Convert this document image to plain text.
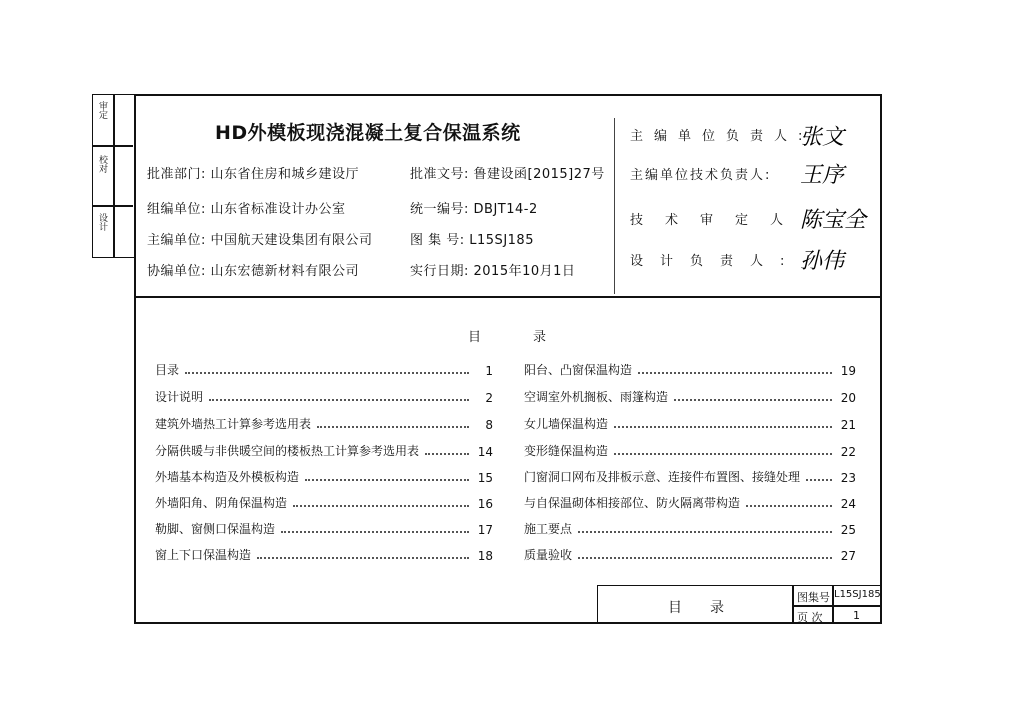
审定
校对
设计
HD外模板现浇混凝土复合保温系统
批准部门: 山东省住房和城乡建设厅
组编单位: 山东省标准设计办公室
主编单位: 中国航天建设集团有限公司
协编单位: 山东宏德新材料有限公司
批准文号: 鲁建设函[2015]27号
统一编号: DBJT14-2
图 集 号: L15SJ185
实行日期: 2015年10月1日
主编单位负责人:
张文
主编单位技术负责人: 王序
技术审定人:
陈宝全
设计负责人:
孙伟
目　　　　录
目录	1
设计说明	2
建筑外墙热工计算参考选用表	8
分隔供暖与非供暖空间的楼板热工计算参考选用表	14
外墙基本构造及外模板构造	15
外墙阳角、阴角保温构造	16
勒脚、窗侧口保温构造	17
窗上下口保温构造	18
阳台、凸窗保温构造	19
空调室外机搁板、雨篷构造	20
女儿墙保温构造	21
变形缝保温构造	22
门窗洞口网布及排板示意、连接件布置图、接缝处理	23
与自保温砌体相接部位、防火隔离带构造	24
施工要点	25
质量验收	27
目　　录
图集号 L15SJ185
页 次	1
